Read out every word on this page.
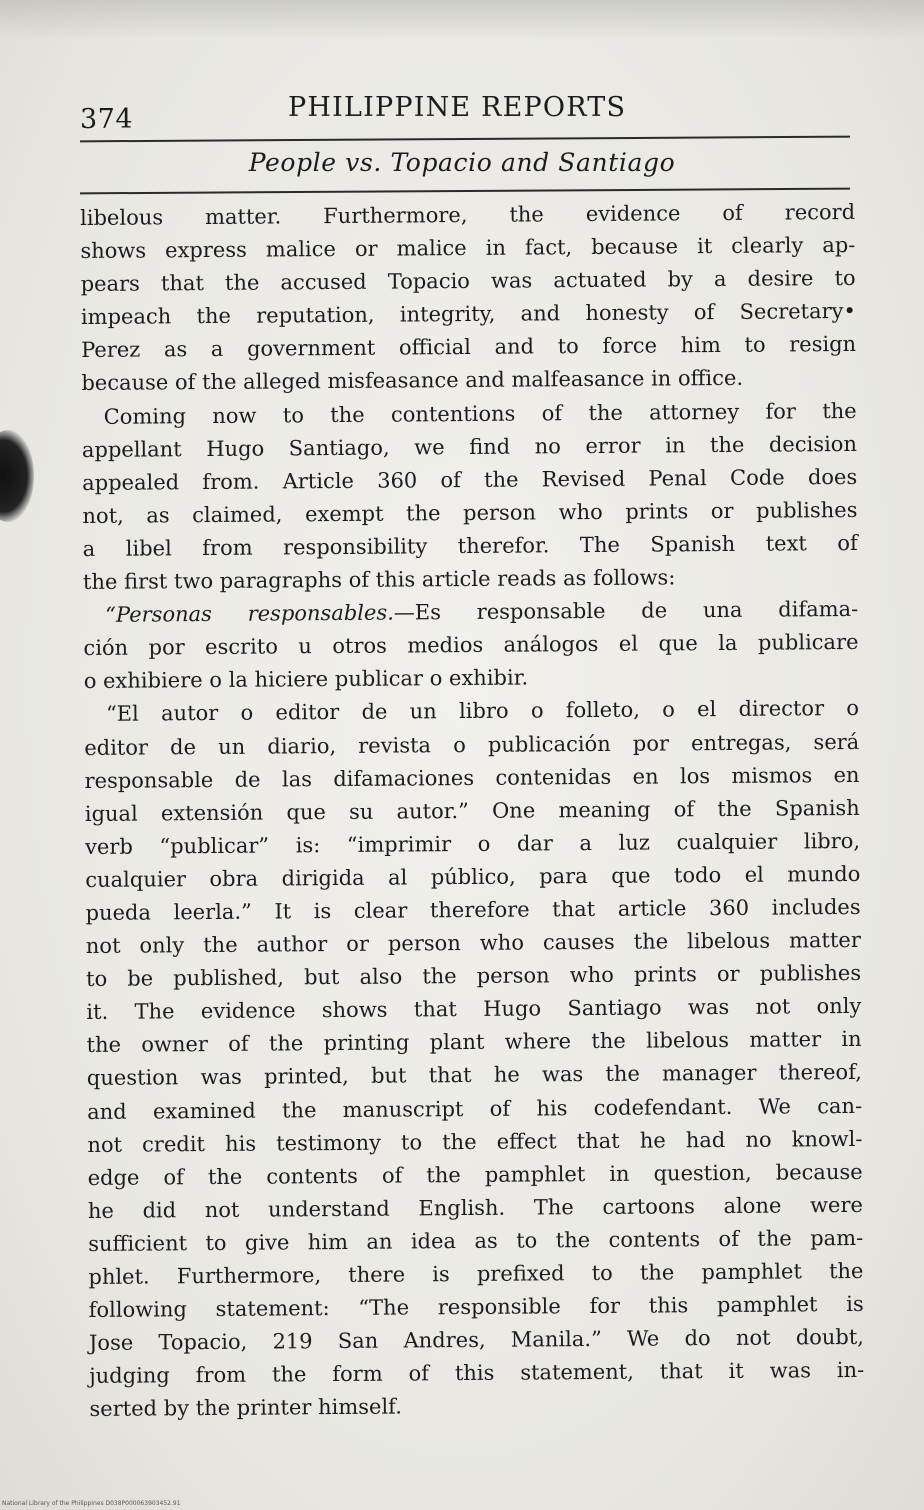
374	PHILIPPINE REPORTS
People vs. Topacio and Santiago

libelous matter. Furthermore, the evidence of record
shows express malice or malice in fact, because it clearly ap-
pears that the accused Topacio was actuated by a desire to
impeach the reputation, integrity, and honesty of Secretary•
Perez as a government official and to force him to resign
because of the alleged misfeasance and malfeasance in office.

Coming now to the contentions of the attorney for the
appellant Hugo Santiago, we find no error in the decision
appealed from. Article 360 of the Revised Penal Code does
not, as claimed, exempt the person who prints or publishes
a libel from responsibility therefor. The Spanish text of
the first two paragraphs of this article reads as follows:

“Personas responsables.—Es responsable de una difama-
ción por escrito u otros medios análogos el que la publicare
o exhibiere o la hiciere publicar o exhibir.

“El autor o editor de un libro o folleto, o el director o
editor de un diario, revista o publicación por entregas, será
responsable de las difamaciones contenidas en los mismos en
igual extensión que su autor.” One meaning of the Spanish
verb “publicar” is: “imprimir o dar a luz cualquier libro,
cualquier obra dirigida al público, para que todo el mundo
pueda leerla.” It is clear therefore that article 360 includes
not only the author or person who causes the libelous matter
to be published, but also the person who prints or publishes
it. The evidence shows that Hugo Santiago was not only
the owner of the printing plant where the libelous matter in
question was printed, but that he was the manager thereof,
and examined the manuscript of his codefendant. We can-
not credit his testimony to the effect that he had no knowl-
edge of the contents of the pamphlet in question, because
he did not understand English. The cartoons alone were
sufficient to give him an idea as to the contents of the pam-
phlet. Furthermore, there is prefixed to the pamphlet the
following statement: “The responsible for this pamphlet is
Jose Topacio, 219 San Andres, Manila.” We do not doubt,
judging from the form of this statement, that it was in-
serted by the printer himself.

National Library of the Philippines D038P000063903452.91
